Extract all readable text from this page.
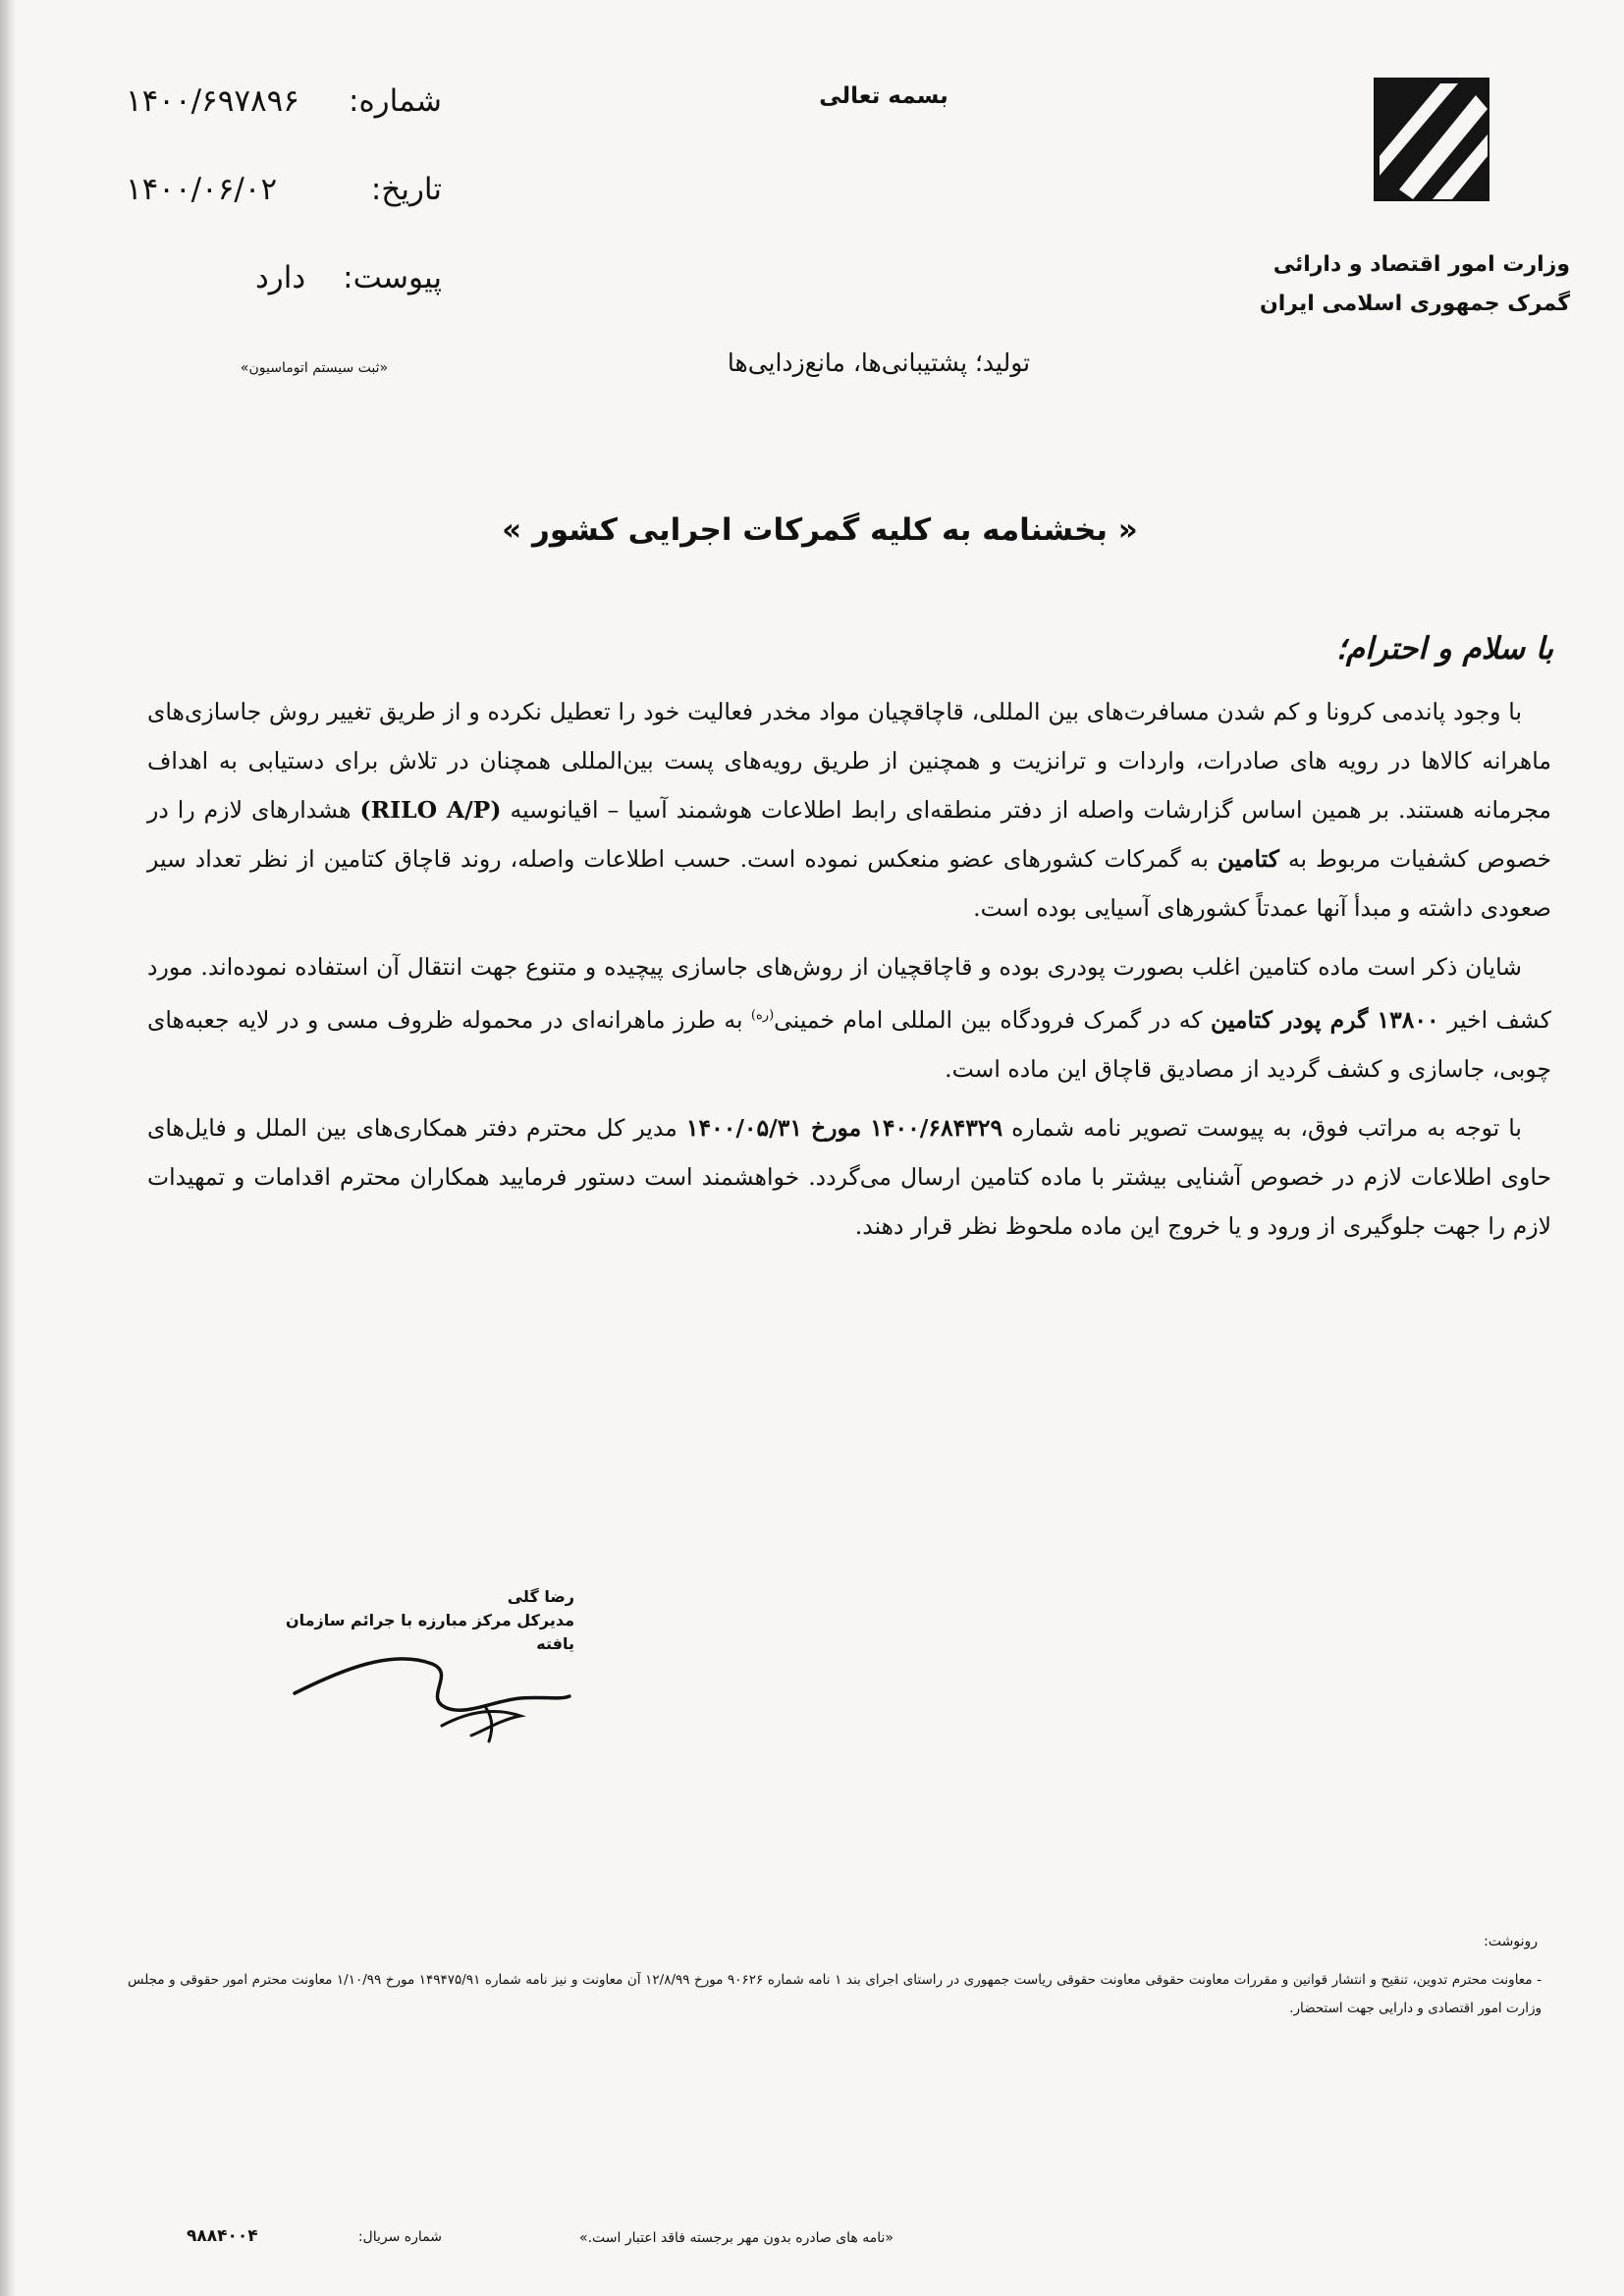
وزارت امور اقتصاد و دارائی
گمرک جمهوری اسلامی ایران
بسمه تعالی
شماره:
۱۴۰۰/۶۹۷۸۹۶
تاریخ:
۱۴۰۰/۰۶/۰۲
پیوست:
دارد
«ثبت سیستم اتوماسیون»	تولید؛ پشتیبانی‌ها، مانع‌زدایی‌ها
« بخشنامه به کلیه گمرکات اجرایی کشور »
با سلام و احترام؛

با وجود پاندمی کرونا و کم شدن مسافرت‌های بین المللی، قاچاقچیان مواد مخدر فعالیت خود را تعطیل نکرده و از طریق تغییر روش جاسازی‌های ماهرانه کالاها در رویه های صادرات، واردات و ترانزیت و همچنین از طریق رویه‌های پست بین‌المللی همچنان در تلاش برای دستیابی به اهداف مجرمانه هستند. بر همین اساس گزارشات واصله از دفتر منطقه‌ای رابط اطلاعات هوشمند آسیا – اقیانوسیه (RILO A/P) هشدارهای لازم را در خصوص کشفیات مربوط به کتامین به گمرکات کشورهای عضو منعکس نموده است. حسب اطلاعات واصله، روند قاچاق کتامین از نظر تعداد سیر صعودی داشته و مبدأ آنها عمدتاً کشورهای آسیایی بوده است.

شایان ذکر است ماده کتامین اغلب بصورت پودری بوده و قاچاقچیان از روش‌های جاسازی پیچیده و متنوع جهت انتقال آن استفاده نموده‌اند. مورد کشف اخیر ۱۳۸۰۰ گرم پودر کتامین که در گمرک فرودگاه بین المللی امام خمینی$^{(ره)}$ به طرز ماهرانه‌ای در محموله ظروف مسی و در لایه جعبه‌های چوبی، جاسازی و کشف گردید از مصادیق قاچاق این ماده است.

با توجه به مراتب فوق، به پیوست تصویر نامه شماره ۱۴۰۰/۶۸۴۳۲۹ مورخ ۱۴۰۰/۰۵/۳۱ مدیر کل محترم دفتر همکاری‌های بین الملل و فایل‌های حاوی اطلاعات لازم در خصوص آشنایی بیشتر با ماده کتامین ارسال می‌گردد. خواهشمند است دستور فرمایید همکاران محترم اقدامات و تمهیدات لازم را جهت جلوگیری از ورود و یا خروج این ماده ملحوظ نظر قرار دهند.

رضا گلی
مدیرکل مرکز مبارزه با جرائم سازمان یافته
رونوشت:
- معاونت محترم تدوین، تنقیح و انتشار قوانین و مقررات معاونت حقوقی معاونت حقوقی ریاست جمهوری در راستای اجرای بند ۱ نامه شماره ۹۰۶۲۶ مورخ ۱۲/۸/۹۹ آن معاونت و نیز نامه شماره ۱۴۹۴۷۵/۹۱ مورخ ۱/۱۰/۹۹ معاونت محترم امور حقوقی و مجلس وزارت امور اقتصادی و دارایی جهت استحضار.
«نامه های صادره بدون مهر برجسته فاقد اعتبار است.»
شماره سریال:
۹۸۸۴۰۰۴
